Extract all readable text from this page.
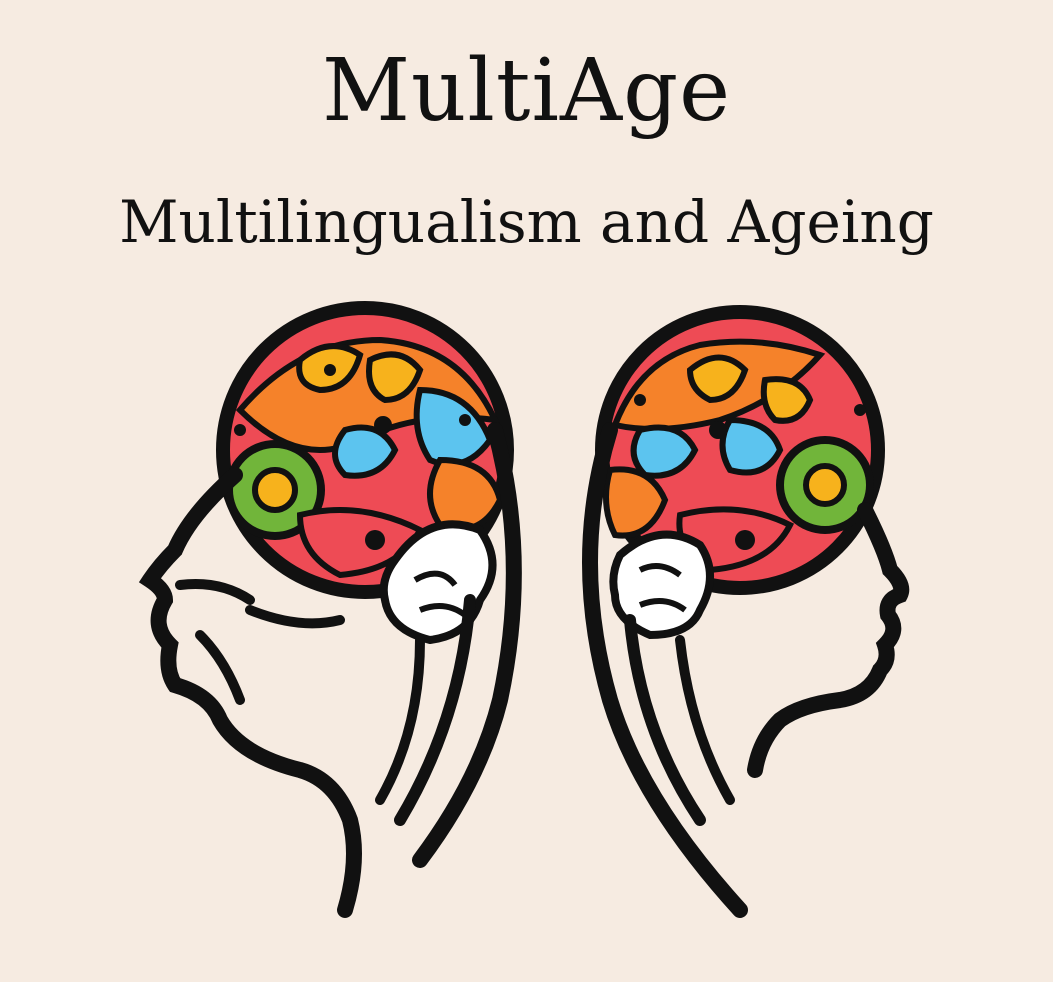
MultiAge
Multilingualism and Ageing
